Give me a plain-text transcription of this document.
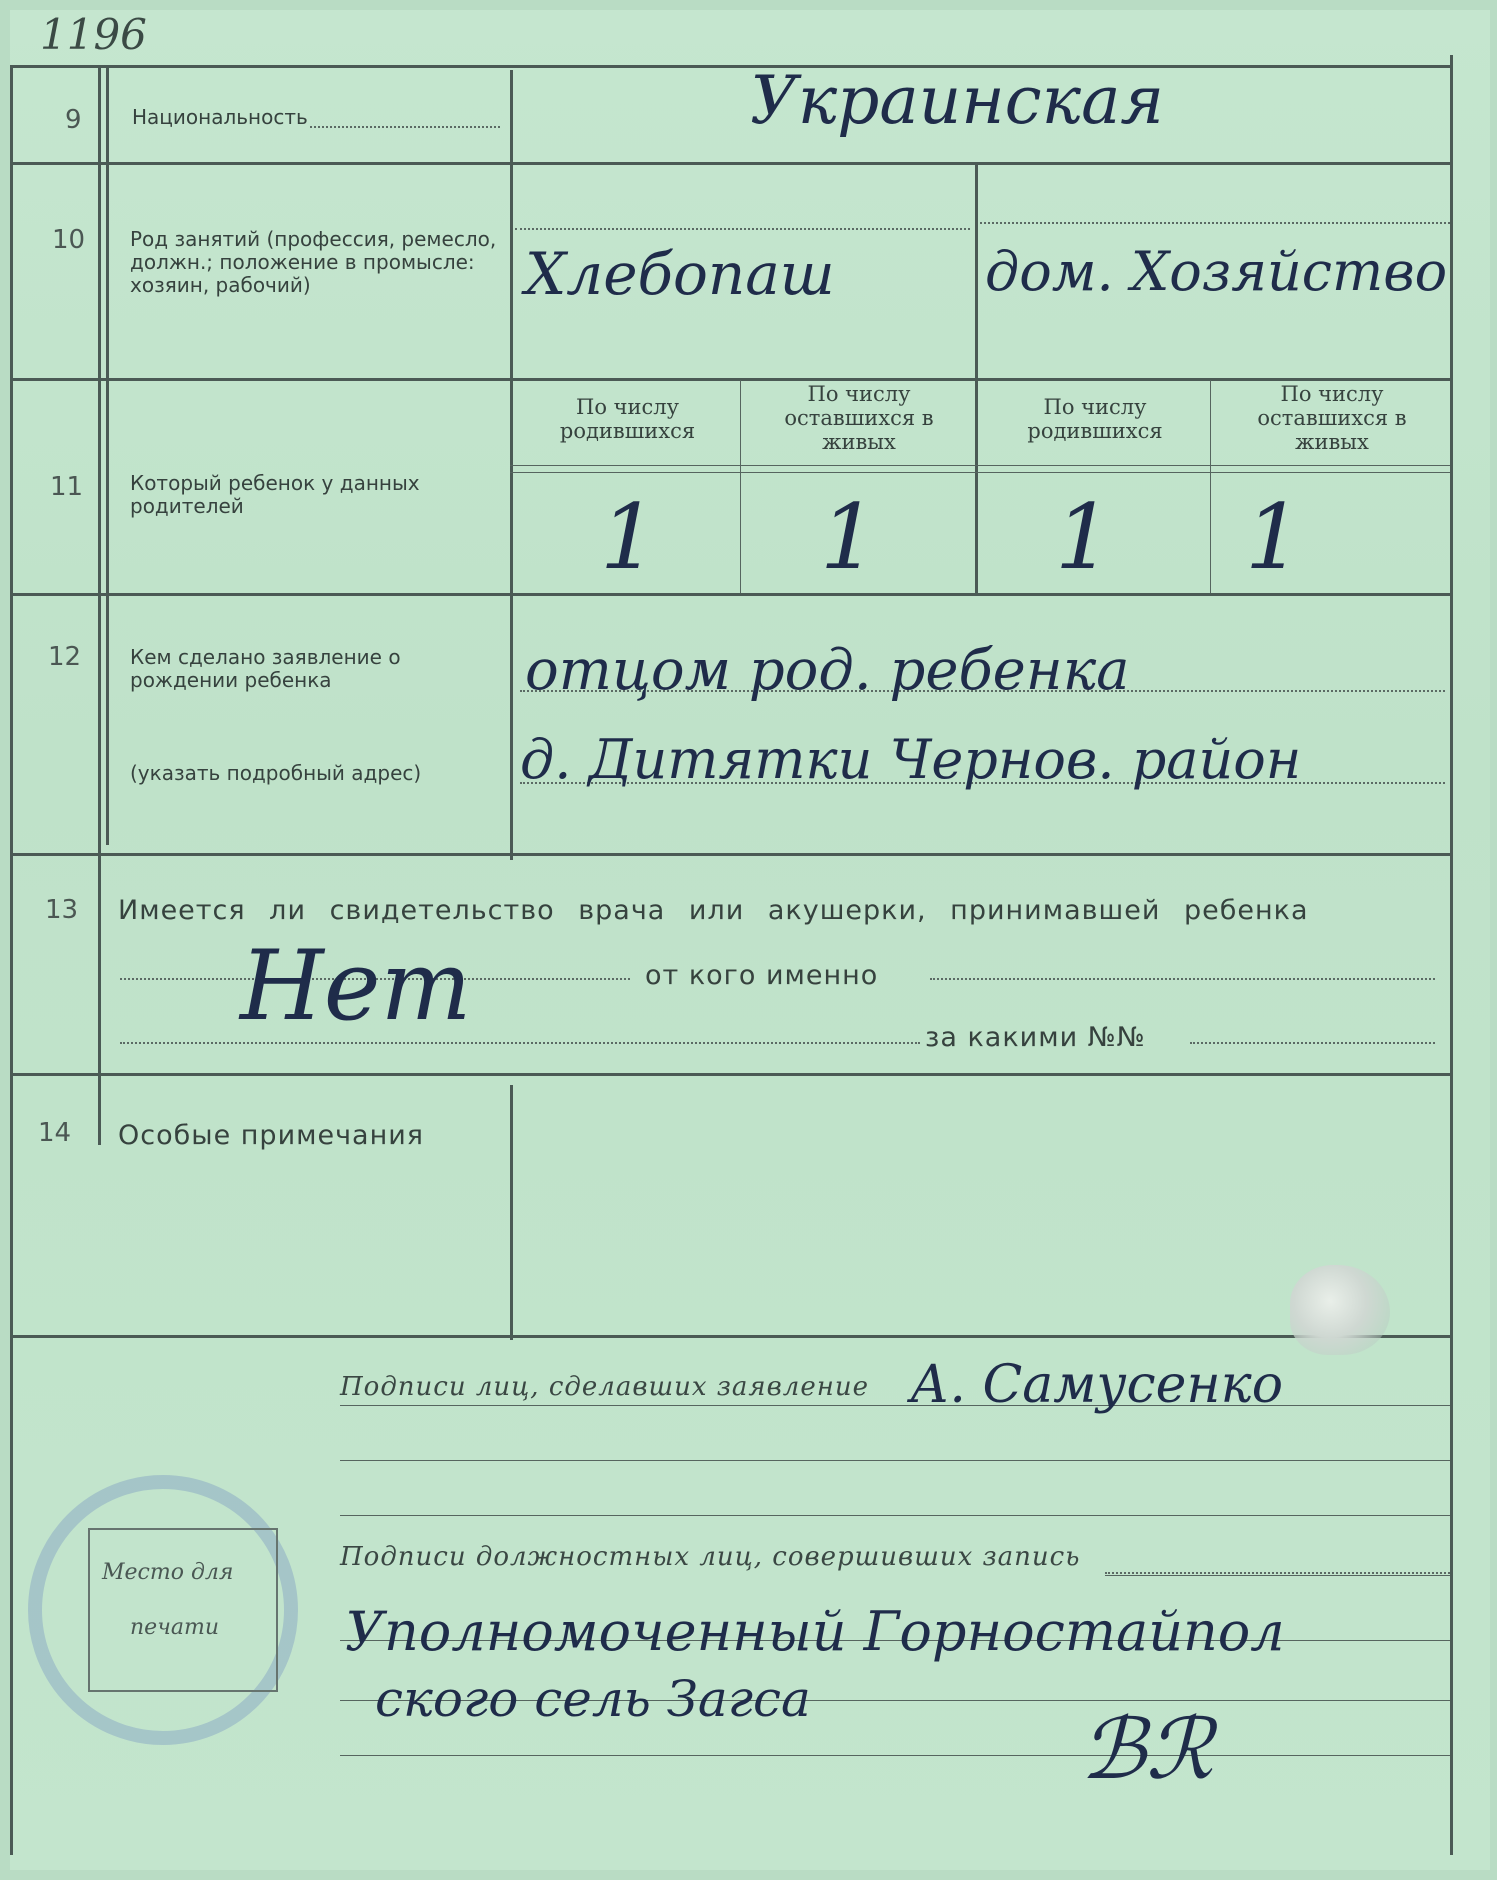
1196
9	Национальность	Украинская
10 Род занятий (профессия, ремесло, должн.; положение в промысле: хозяин, рабочий)	Хлебопаш	дом. Хозяйство
11 Который ребенок у данных родителей
По числу родившихся
По числу оставшихся в живых
По числу родившихся
По числу оставшихся в живых
1 1 1 1
12 Кем сделано заявление о рождении ребенка
(указать подробный адрес)
отцом род. ребенка
д. Дитятки Чернов. район
13 Имеется ли свидетельство врача или акушерки, принимавшей ребенка
от кого именно
за какими №№
Нет
14 Особые примечания
Подписи лиц, сделавших заявление А. Самусенко
Подписи должностных лиц, совершивших запись
Уполномоченный Горностайпол
ского сель Загса
ℬℛ
Место для
печати
